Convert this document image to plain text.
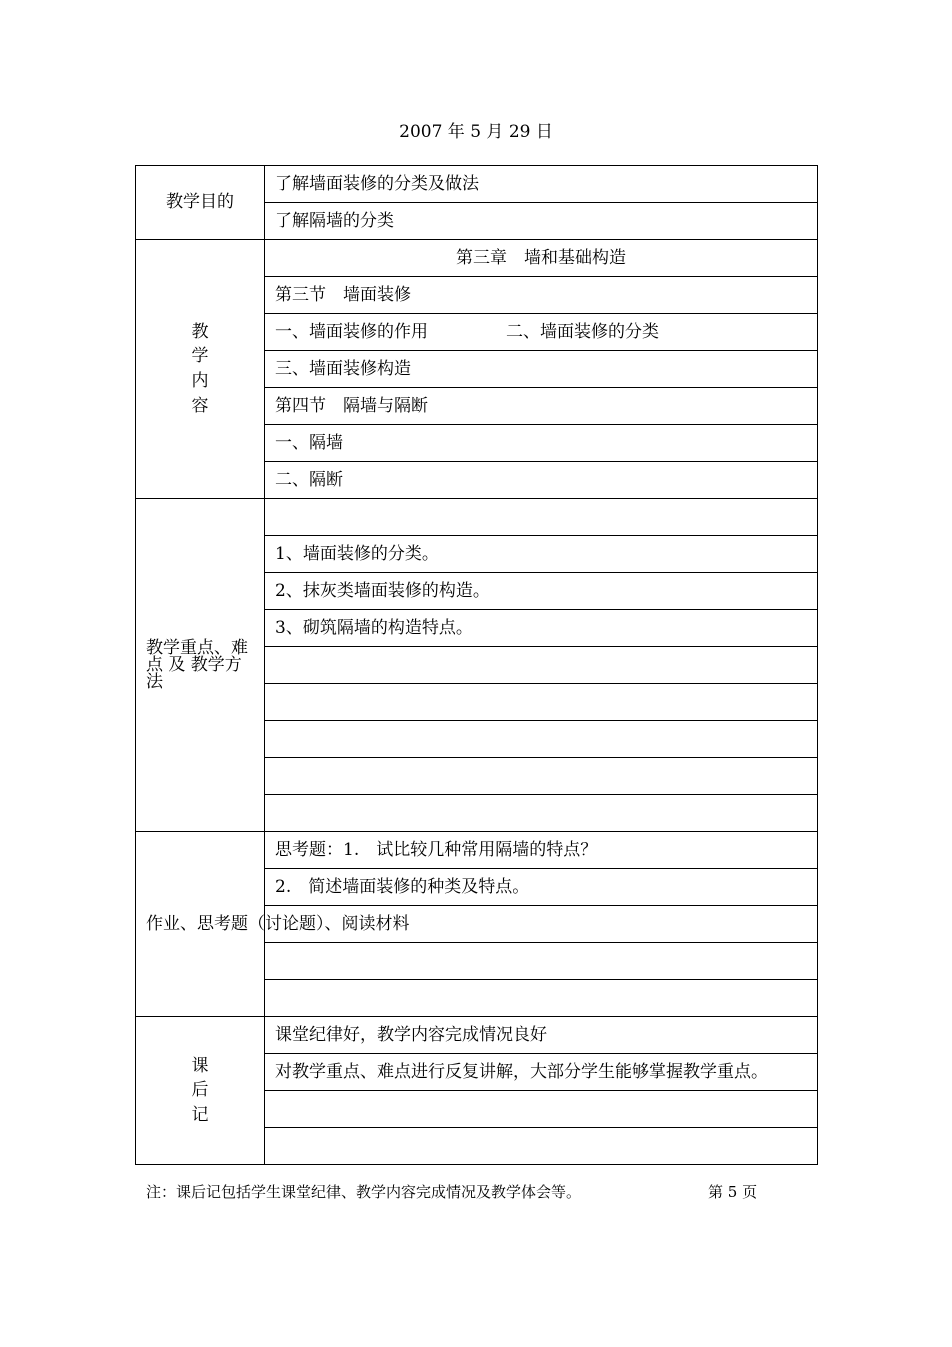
2007 年 5 月 29 日
教学目的	了解墙面装修的分类及做法
	了解隔墙的分类

教
学
内
容	第三章　墙和基础构造
	第三节　墙面装修
	一、墙面装修的作用 二、墙面装修的分类
	三、墙面装修构造
	第四节　隔墙与隔断
	一、隔墙
	二、隔断
教学重点、难 点 及 教学方法	
	1、墙面装修的分类。
	2、抹灰类墙面装修的构造。
	3、砌筑隔墙的构造特点。

作业、思考题（讨论题）、阅读材料	思考题：1.　试比较几种常用隔墙的特点？
	2.　简述墙面装修的种类及特点。

课
后
记	课堂纪律好，教学内容完成情况良好
	对教学重点、难点进行反复讲解，大部分学生能够掌握教学重点。

注：课后记包括学生课堂纪律、教学内容完成情况及教学体会等。	第 5 页
